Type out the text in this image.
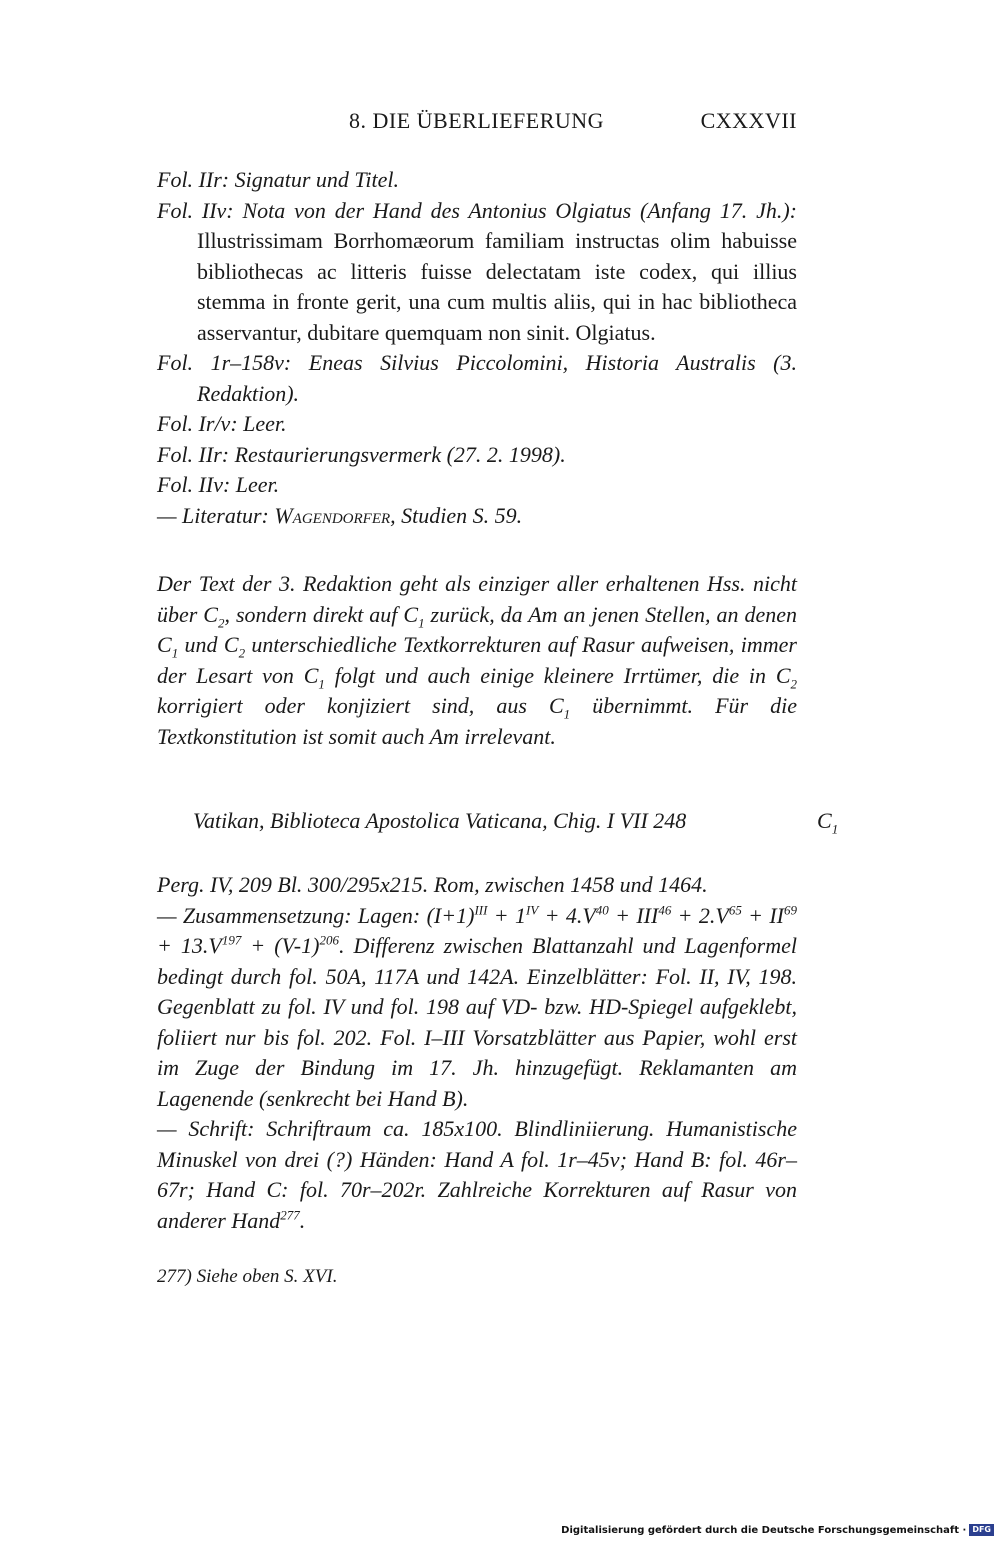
8. DIE ÜBERLIEFERUNG	CXXXVII

Fol. IIr: Signatur und Titel.

Fol. IIv: Nota von der Hand des Antonius Olgiatus (Anfang 17. Jh.): Illustrissimam Borrhomæorum familiam instructas olim habuisse bibliothecas ac litteris fuisse delectatam iste codex, qui illius stemma in fronte gerit, una cum multis aliis, qui in hac bibliotheca asservantur, dubitare quemquam non sinit. Olgiatus.

Fol. 1r–158v: Eneas Silvius Piccolomini, Historia Australis (3. Redaktion).

Fol. Ir/v: Leer.

Fol. IIr: Restaurierungsvermerk (27. 2. 1998).

Fol. IIv: Leer.

— Literatur: Wagendorfer, Studien S. 59.

Der Text der 3. Redaktion geht als einziger aller erhaltenen Hss. nicht über $C_2$, sondern direkt auf $C_1$ zurück, da Am an jenen Stellen, an denen $C_1$ und $C_2$ unterschiedliche Textkorrekturen auf Rasur aufweisen, immer der Lesart von $C_1$ folgt und auch einige kleinere Irrtümer, die in $C_2$ korrigiert oder konjiziert sind, aus $C_1$ übernimmt. Für die Textkonstitution ist somit auch Am irrelevant.

Vatikan, Biblioteca Apostolica Vaticana, Chig. I VII 248	$C_1$

Perg. IV, 209 Bl. 300/295x215. Rom, zwischen 1458 und 1464.

— Zusammensetzung: Lagen: $(I+1)^{III} + 1^{IV} + 4.V^{40} + III^{46} + 2.V^{65} + II^{69} + 13.V^{197} + (V-1)^{206}$. Differenz zwischen Blattanzahl und Lagenformel bedingt durch fol. 50A, 117A und 142A. Einzelblätter: Fol. II, IV, 198. Gegenblatt zu fol. IV und fol. 198 auf VD- bzw. HD-Spiegel aufgeklebt, foliiert nur bis fol. 202. Fol. I–III Vorsatzblätter aus Papier, wohl erst im Zuge der Bindung im 17. Jh. hinzugefügt. Reklamanten am Lagenende (senkrecht bei Hand B).

— Schrift: Schriftraum ca. 185x100. Blindliniierung. Humanistische Minuskel von drei (?) Händen: Hand A fol. 1r–45v; Hand B: fol. 46r–67r; Hand C: fol. 70r–202r. Zahlreiche Korrekturen auf Rasur von anderer Hand$^{277}$.

277) Siehe oben S. XVI.

Digitalisierung gefördert durch die Deutsche Forschungsgemeinschaft · DFG
